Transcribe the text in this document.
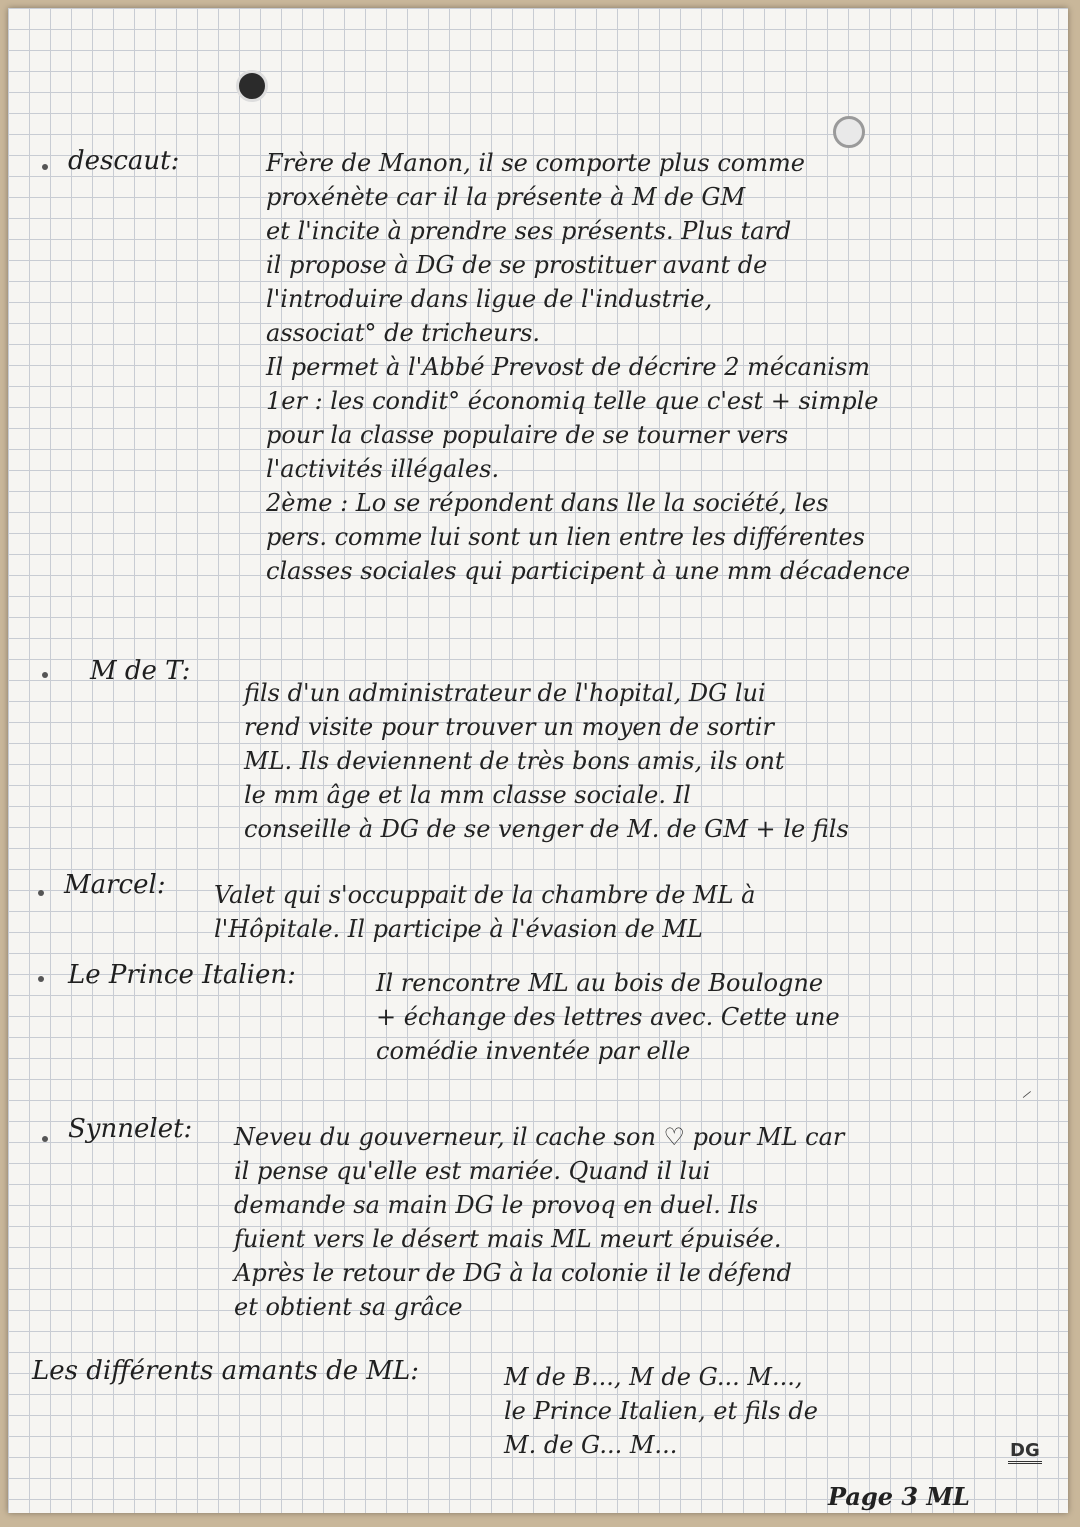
descaut:	Frère de Manon, il se comporte plus comme
proxénète car il la présente à M de GM
et l'incite à prendre ses présents. Plus tard
il propose à DG de se prostituer avant de
l'introduire dans ligue de l'industrie,
associat° de tricheurs.
Il permet à l'Abbé Prevost de décrire 2 mécanism
1er : les condit° économiq telle que c'est + simple
pour la classe populaire de se tourner vers
l'activités illégales.
2ème : Lo se répondent dans lle la société, les
pers. comme lui sont un lien entre les différentes
classes sociales qui participent à une mm décadence
M de T:
fils d'un administrateur de l'hopital, DG lui
rend visite pour trouver un moyen de sortir
ML. Ils deviennent de très bons amis, ils ont
le mm âge et la mm classe sociale. Il
conseille à DG de se venger de M. de GM + le fils
Marcel: Valet qui s'occuppait de la chambre de ML à
l'Hôpitale. Il participe à l'évasion de ML
Le Prince Italien:	Il rencontre ML au bois de Boulogne
+ échange des lettres avec. Cette une
comédie inventée par elle
⸍
Synnelet: Neveu du gouverneur, il cache son ♡ pour ML car
il pense qu'elle est mariée. Quand il lui
demande sa main DG le provoq en duel. Ils
fuient vers le désert mais ML meurt épuisée.
Après le retour de DG à la colonie il le défend
et obtient sa grâce
Les différents amants de ML:	M de B..., M de G... M...,
le Prince Italien, et fils de
M. de G... M...	DG
Page 3 ML
